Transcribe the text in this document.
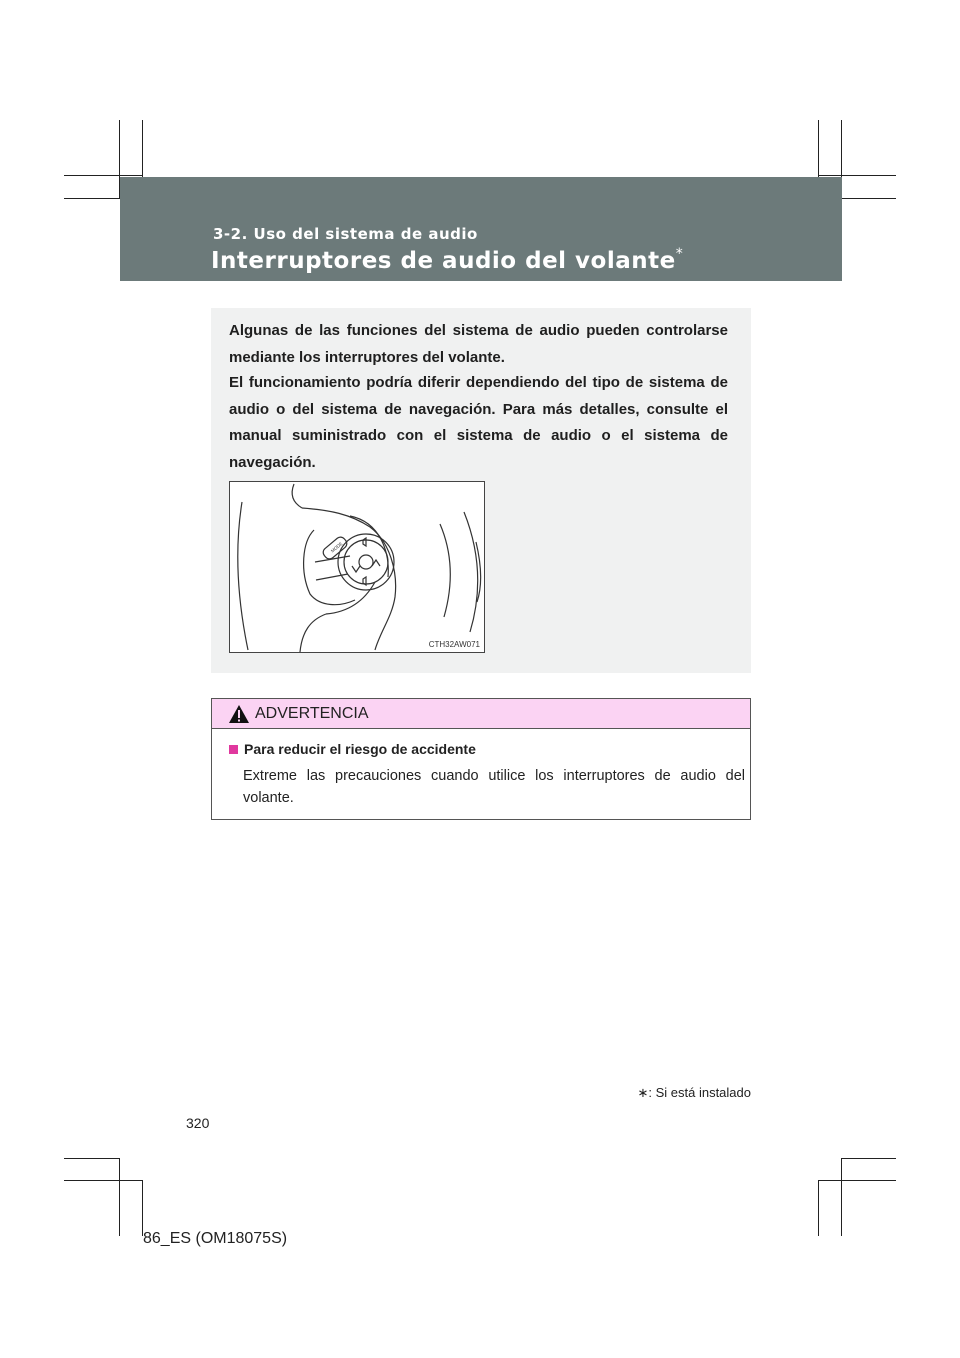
3-2. Uso del sistema de audio
Interruptores de audio del volante*
Algunas de las funciones del sistema de audio pueden controlarse mediante los interruptores del volante.
El funcionamiento podría diferir dependiendo del tipo de sistema de audio o del sistema de navegación. Para más detalles, consulte el manual suministrado con el sistema de audio o el sistema de navegación.
MODE
CTH32AW071
ADVERTENCIA
Para reducir el riesgo de accidente
Extreme las precauciones cuando utilice los interruptores de audio del volante.
∗: Si está instalado
320
86_ES (OM18075S)
